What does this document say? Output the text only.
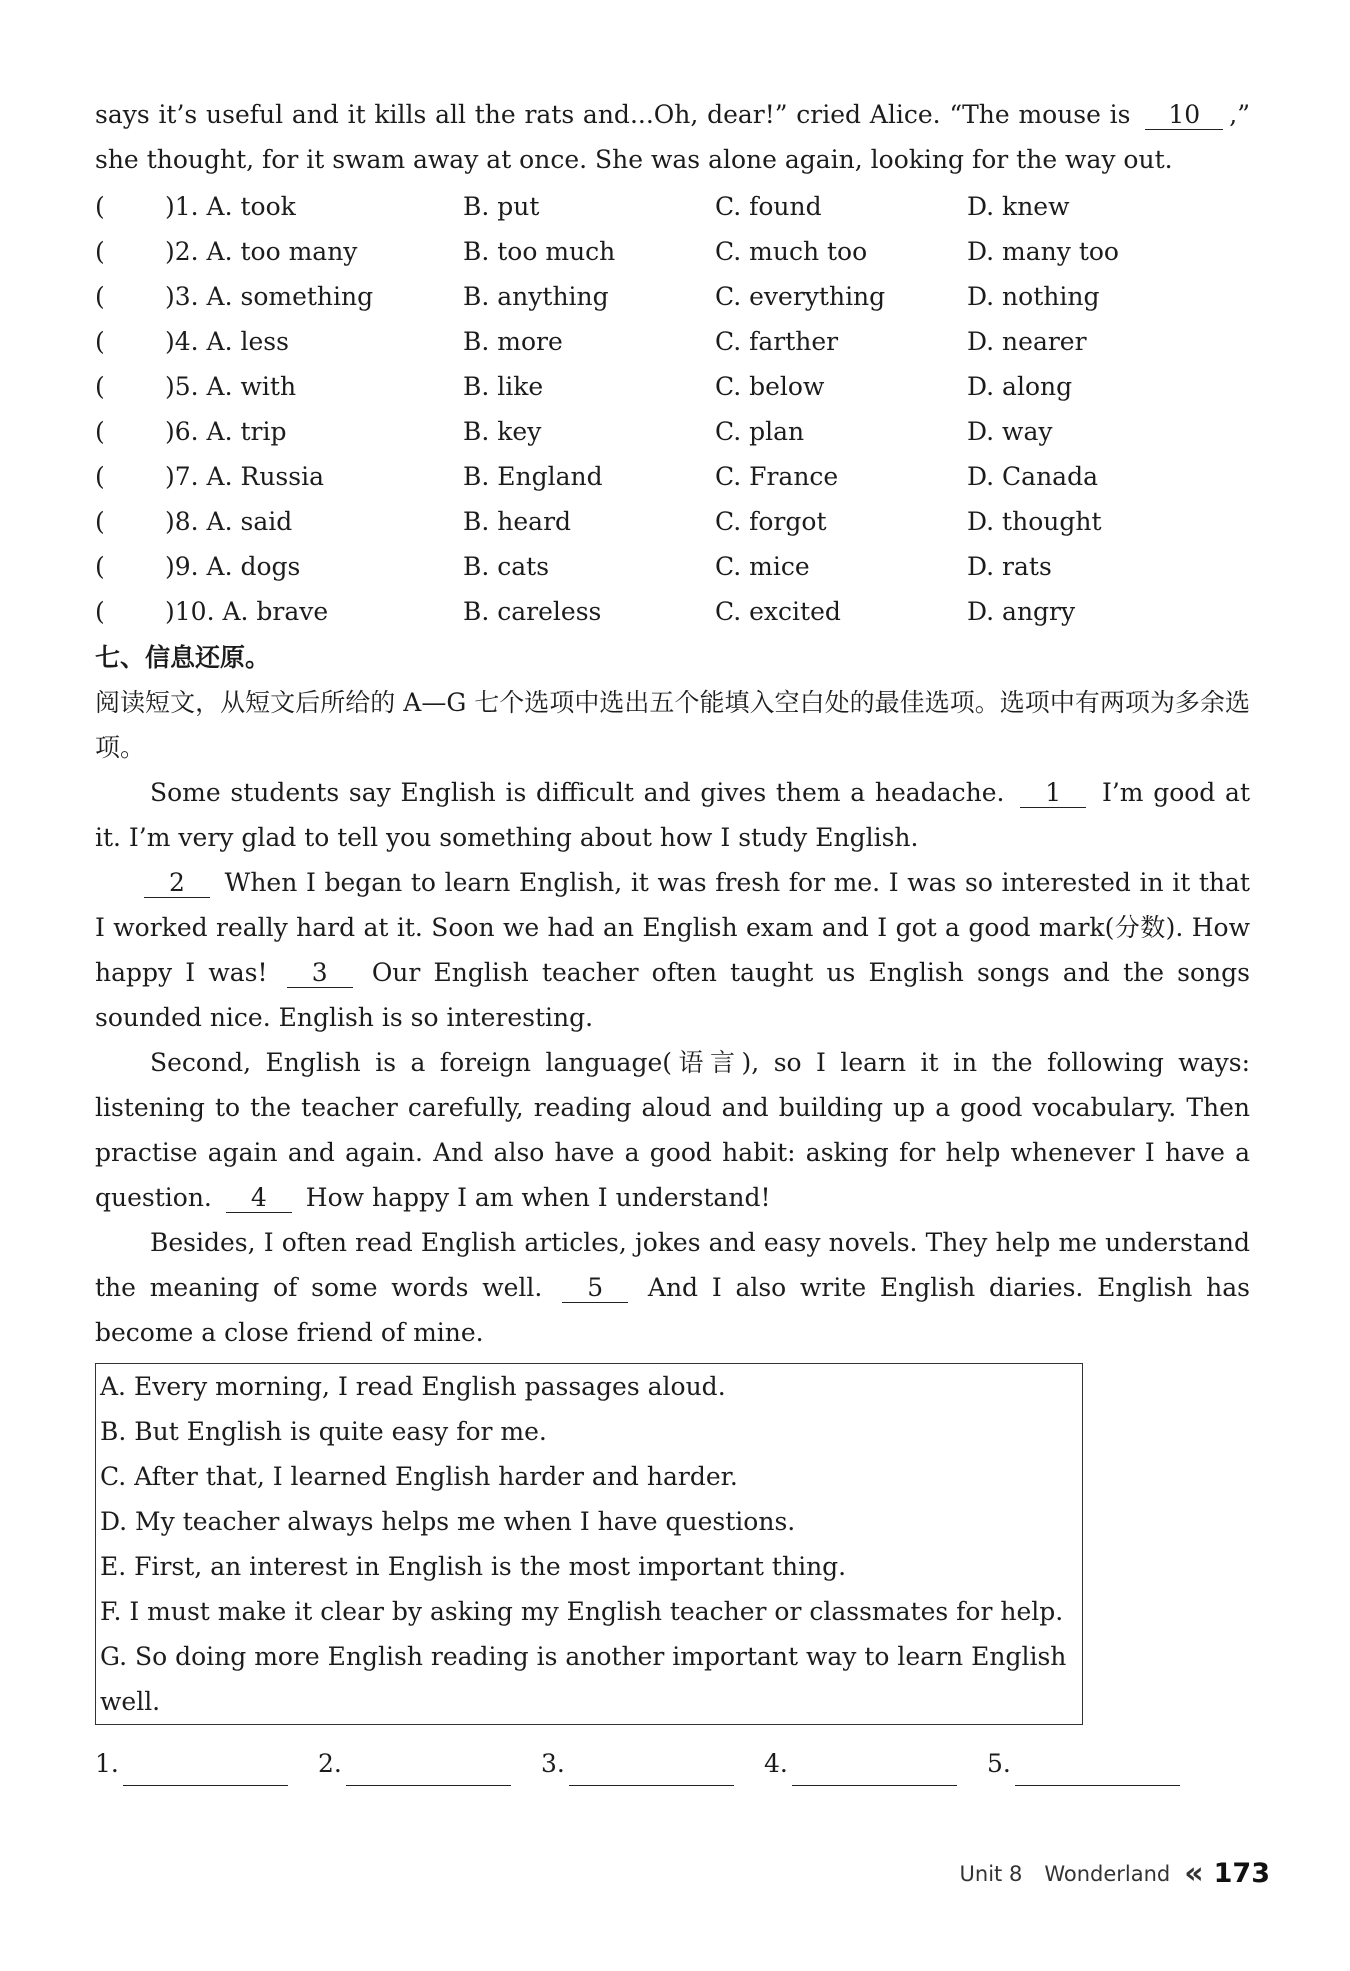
says it’s useful and it kills all the rats and...Oh, dear!” cried Alice. “The mouse is 10 ,” she thought, for it swam away at once. She was alone again, looking for the way out.

(	)1. A. took	B. put	C. found	D. knew
(	)2. A. too many	B. too much	C. much too	D. many too
(	)3. A. something	B. anything	C. everything	D. nothing
(	)4. A. less	B. more	C. farther	D. nearer
(	)5. A. with	B. like	C. below	D. along
(	)6. A. trip	B. key	C. plan	D. way
(	)7. A. Russia	B. England	C. France	D. Canada
(	)8. A. said	B. heard	C. forgot	D. thought
(	)9. A. dogs	B. cats	C. mice	D. rats
(	)10. A. brave	B. careless	C. excited	D. angry
七、信息还原。

阅读短文，从短文后所给的 A—G 七个选项中选出五个能填入空白处的最佳选项。选项中有两项为多余选项。

Some students say English is difficult and gives them a headache. 1 I’m good at it. I’m very glad to tell you something about how I study English.

2 When I began to learn English, it was fresh for me. I was so interested in it that I worked really hard at it. Soon we had an English exam and I got a good mark(分数). How happy I was! 3 Our English teacher often taught us English songs and the songs sounded nice. English is so interesting.

Second, English is a foreign language(语言), so I learn it in the following ways: listening to the teacher carefully, reading aloud and building up a good vocabulary. Then practise again and again. And also have a good habit: asking for help whenever I have a question. 4 How happy I am when I understand!

Besides, I often read English articles, jokes and easy novels. They help me understand the meaning of some words well. 5 And I also write English diaries. English has become a close friend of mine.

A. Every morning, I read English passages aloud.
B. But English is quite easy for me.
C. After that, I learned English harder and harder.
D. My teacher always helps me when I have questions.
E. First, an interest in English is the most important thing.
F. I must make it clear by asking my English teacher or classmates for help.
G. So doing more English reading is another important way to learn English well.
1.	2.	3.	4.	5.
Unit 8 Wonderland « 173
